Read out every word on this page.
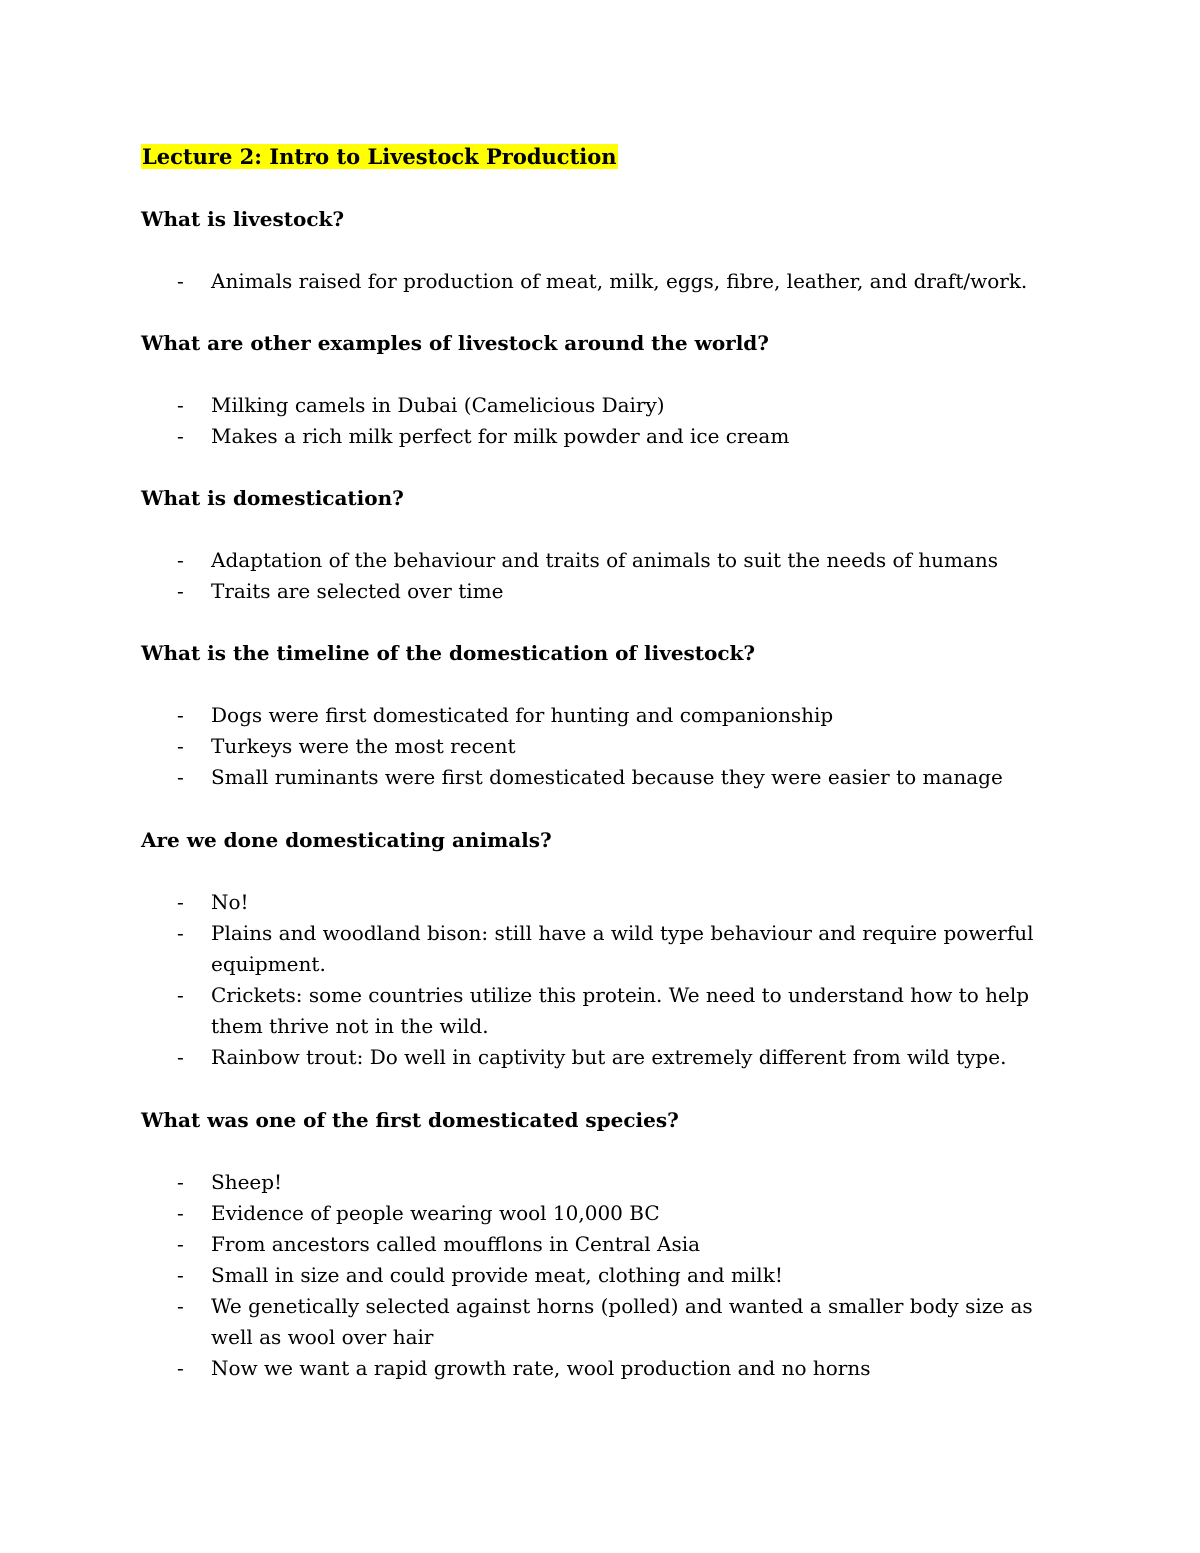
Lecture 2: Intro to Livestock Production
What is livestock?
- Animals raised for production of meat, milk, eggs, fibre, leather, and draft/work.
What are other examples of livestock around the world?
- Milking camels in Dubai (Camelicious Dairy)
- Makes a rich milk perfect for milk powder and ice cream
What is domestication?
- Adaptation of the behaviour and traits of animals to suit the needs of humans
- Traits are selected over time
What is the timeline of the domestication of livestock?
- Dogs were first domesticated for hunting and companionship
- Turkeys were the most recent
- Small ruminants were first domesticated because they were easier to manage
Are we done domesticating animals?
- No!
- Plains and woodland bison: still have a wild type behaviour and require powerful equipment.
- Crickets: some countries utilize this protein. We need to understand how to help them thrive not in the wild.
- Rainbow trout: Do well in captivity but are extremely different from wild type.
What was one of the first domesticated species?
- Sheep!
- Evidence of people wearing wool 10,000 BC
- From ancestors called moufflons in Central Asia
- Small in size and could provide meat, clothing and milk!
- We genetically selected against horns (polled) and wanted a smaller body size as well as wool over hair
- Now we want a rapid growth rate, wool production and no horns
